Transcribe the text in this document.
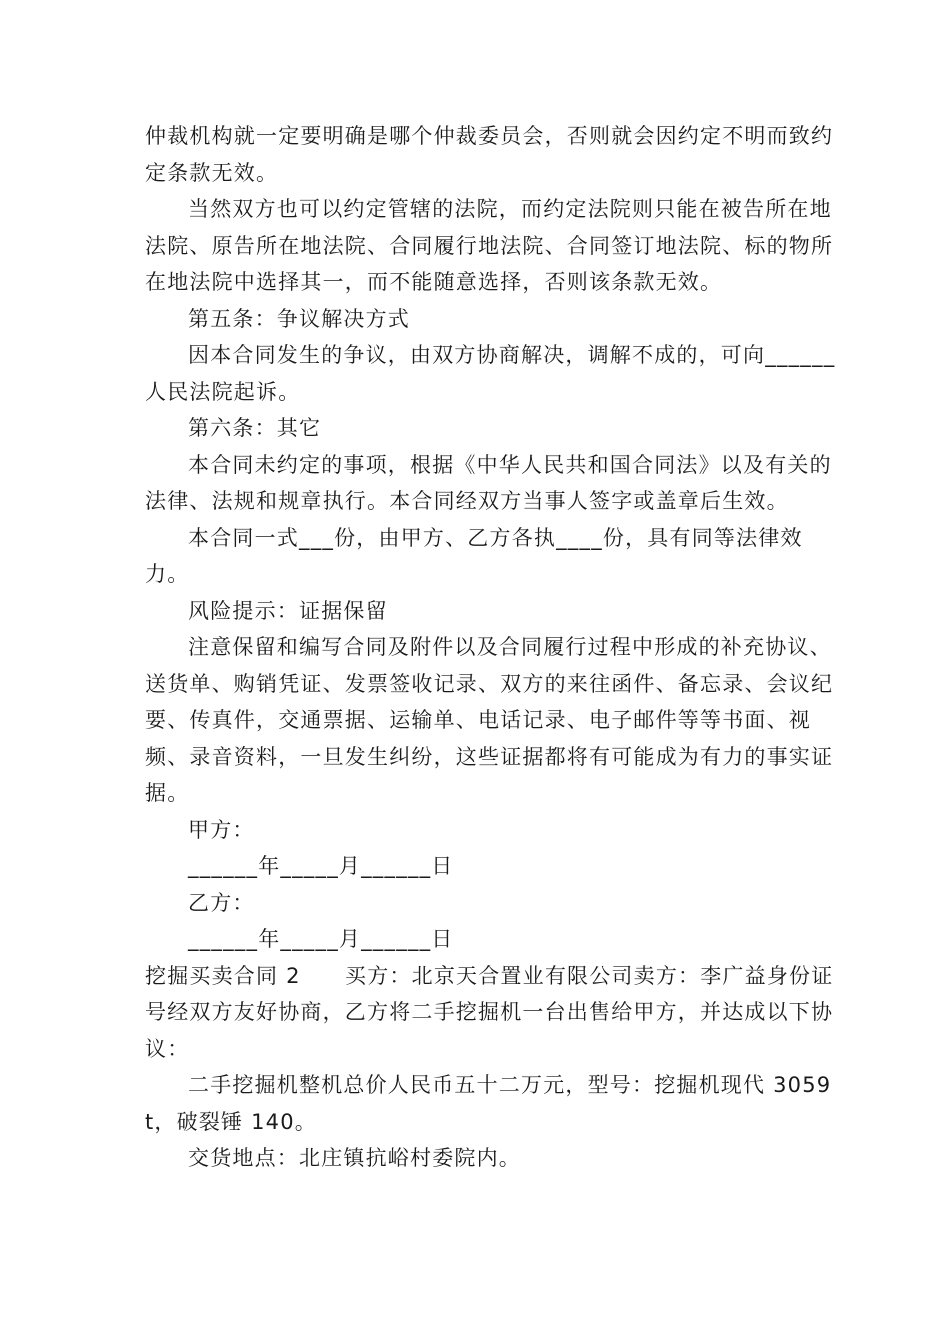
仲裁机构就一定要明确是哪个仲裁委员会，否则就会因约定不明而致约定条款无效。

当然双方也可以约定管辖的法院，而约定法院则只能在被告所在地法院、原告所在地法院、合同履行地法院、合同签订地法院、标的物所在地法院中选择其一，而不能随意选择，否则该条款无效。

第五条：争议解决方式

因本合同发生的争议，由双方协商解决，调解不成的，可向______人民法院起诉。

第六条：其它

本合同未约定的事项，根据《中华人民共和国合同法》以及有关的法律、法规和规章执行。本合同经双方当事人签字或盖章后生效。

本合同一式___份，由甲方、乙方各执____份，具有同等法律效力。

风险提示：证据保留

注意保留和编写合同及附件以及合同履行过程中形成的补充协议、送货单、购销凭证、发票签收记录、双方的来往函件、备忘录、会议纪要、传真件，交通票据、运输单、电话记录、电子邮件等等书面、视频、录音资料，一旦发生纠纷，这些证据都将有可能成为有力的事实证据。

甲方：

______年_____月______日

乙方：

______年_____月______日

挖掘买卖合同 2　　买方：北京天合置业有限公司卖方：李广益身份证号经双方友好协商，乙方将二手挖掘机一台出售给甲方，并达成以下协议：

二手挖掘机整机总价人民币五十二万元，型号：挖掘机现代 3059t，破裂锤 140。

交货地点：北庄镇抗峪村委院内。
